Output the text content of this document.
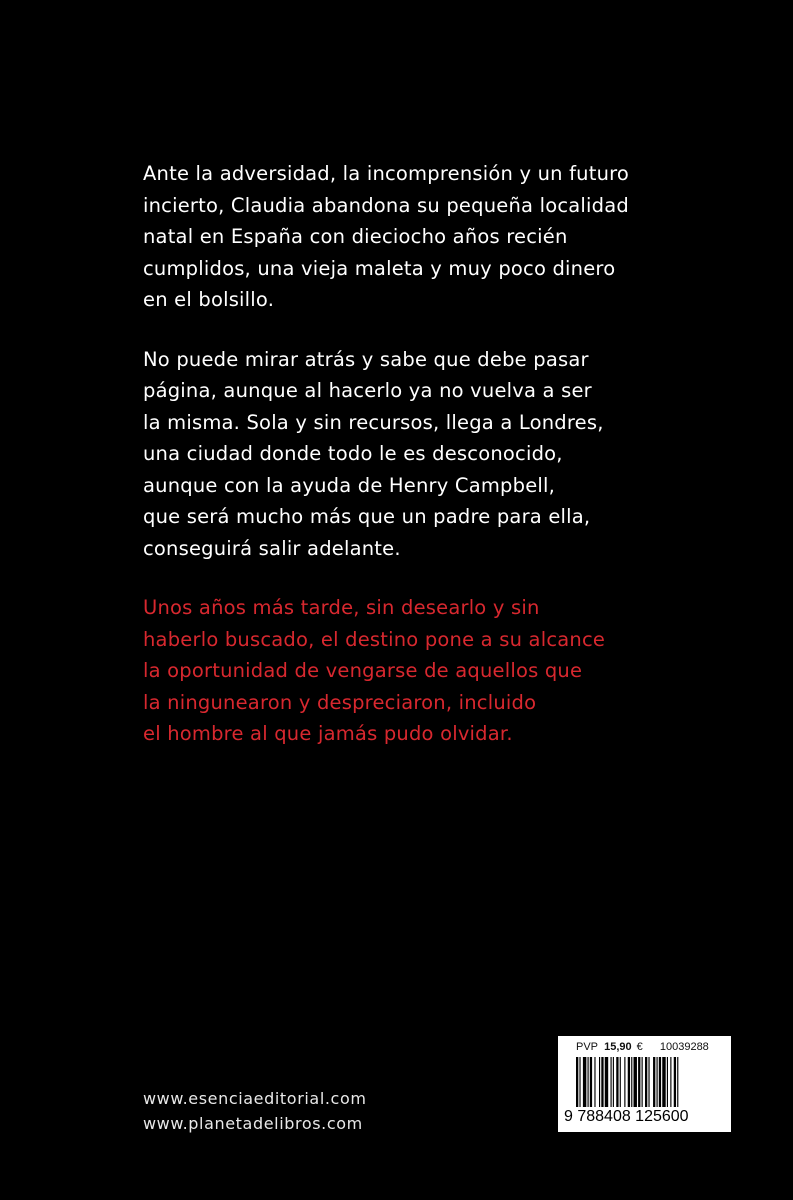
Ante la adversidad, la incomprensión y un futuro
incierto, Claudia abandona su pequeña localidad
natal en España con dieciocho años recién
cumplidos, una vieja maleta y muy poco dinero
en el bolsillo.

No puede mirar atrás y sabe que debe pasar
página, aunque al hacerlo ya no vuelva a ser
la misma. Sola y sin recursos, llega a Londres,
una ciudad donde todo le es desconocido,
aunque con la ayuda de Henry Campbell,
que será mucho más que un padre para ella,
conseguirá salir adelante.

Unos años más tarde, sin desearlo y sin
haberlo buscado, el destino pone a su alcance
la oportunidad de vengarse de aquellos que
la ningunearon y despreciaron, incluido
el hombre al que jamás pudo olvidar.

www.esenciaeditorial.com
www.planetadelibros.com
PVP 15,90 € 10039288
9 788408 125600
